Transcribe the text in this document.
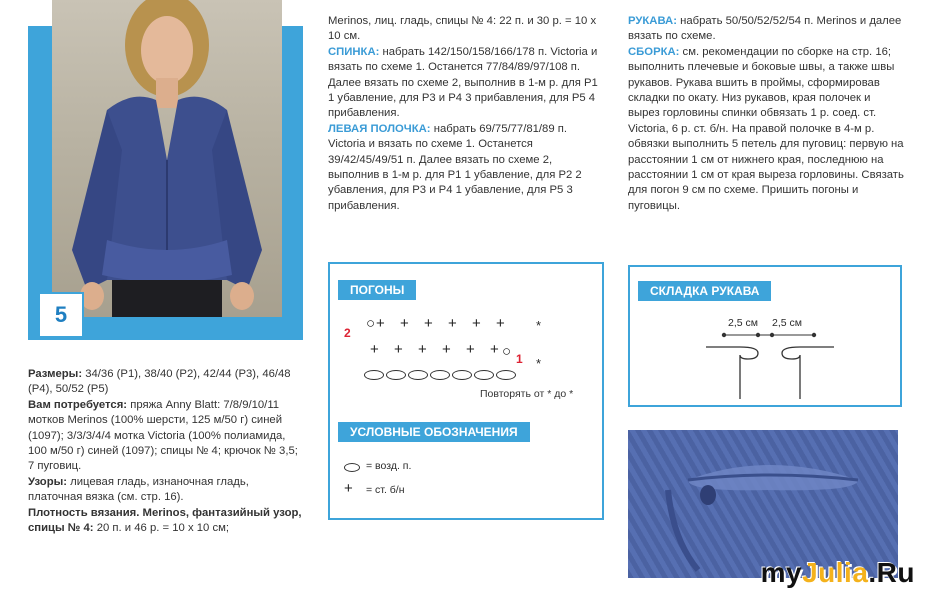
5

Размеры: 34/36 (Р1), 38/40 (Р2), 42/44 (Р3), 46/48 (Р4), 50/52 (Р5)

Вам потребуется: пряжа Anny Blatt: 7/8/9/10/11 мотков Merinos (100% шерсти, 125 м/50 г) синей (1097); 3/3/3/4/4 мотка Victoria (100% полиамида, 100 м/50 г) синей (1097); спицы № 4; крючок № 3,5; 7 пуговиц.

Узоры: лицевая гладь, изнаночная гладь, платочная вязка (см. стр. 16).

Плотность вязания. Merinos, фантазийный узор, спицы № 4: 20 п. и 46 р. = 10 х 10 см;

Merinos, лиц. гладь, спицы № 4: 22 п. и 30 р. = 10 х 10 см.

СПИНКА: набрать 142/150/158/166/178 п. Victoria и вязать по схеме 1. Останется 77/84/89/97/108 п. Далее вязать по схеме 2, выполнив в 1-м р. для Р1 1 убавление, для Р3 и Р4 3 прибавления, для Р5 4 прибавления.

ЛЕВАЯ ПОЛОЧКА: набрать 69/75/77/81/89 п. Victoria и вязать по схеме 1. Останется 39/42/45/49/51 п. Далее вязать по схеме 2, выполнив в 1-м р. для Р1 1 убавление, для Р2 2 убавления, для Р3 и Р4 1 убавление, для Р5 3 прибавления.

РУКАВА: набрать 50/50/52/52/54 п. Merinos и далее вязать по схеме.

СБОРКА: см. рекомендации по сборке на стр. 16; выполнить плечевые и боковые швы, а также швы рукавов. Рукава вшить в проймы, сформировав складки по окату. Низ рукавов, края полочек и вырез горловины спинки обвязать 1 р. соед. ст. Victoria, 6 р. ст. б/н. На правой полочке в 4-м р. обвязки выполнить 5 петель для пуговиц: первую на расстоянии 1 см от нижнего края, последнюю на расстоянии 1 см от края выреза горловины. Связать для погон 9 см по схеме. Пришить погоны и пуговицы.

ПОГОНЫ
2
○ + + + + + + *
+ + + + + + ○ 1 *
Повторять от * до *
УСЛОВНЫЕ ОБОЗНАЧЕНИЯ
= возд. п.
+ = ст. б/н
СКЛАДКА РУКАВА
2,5 см 2,5 см
myJulia.Ru
